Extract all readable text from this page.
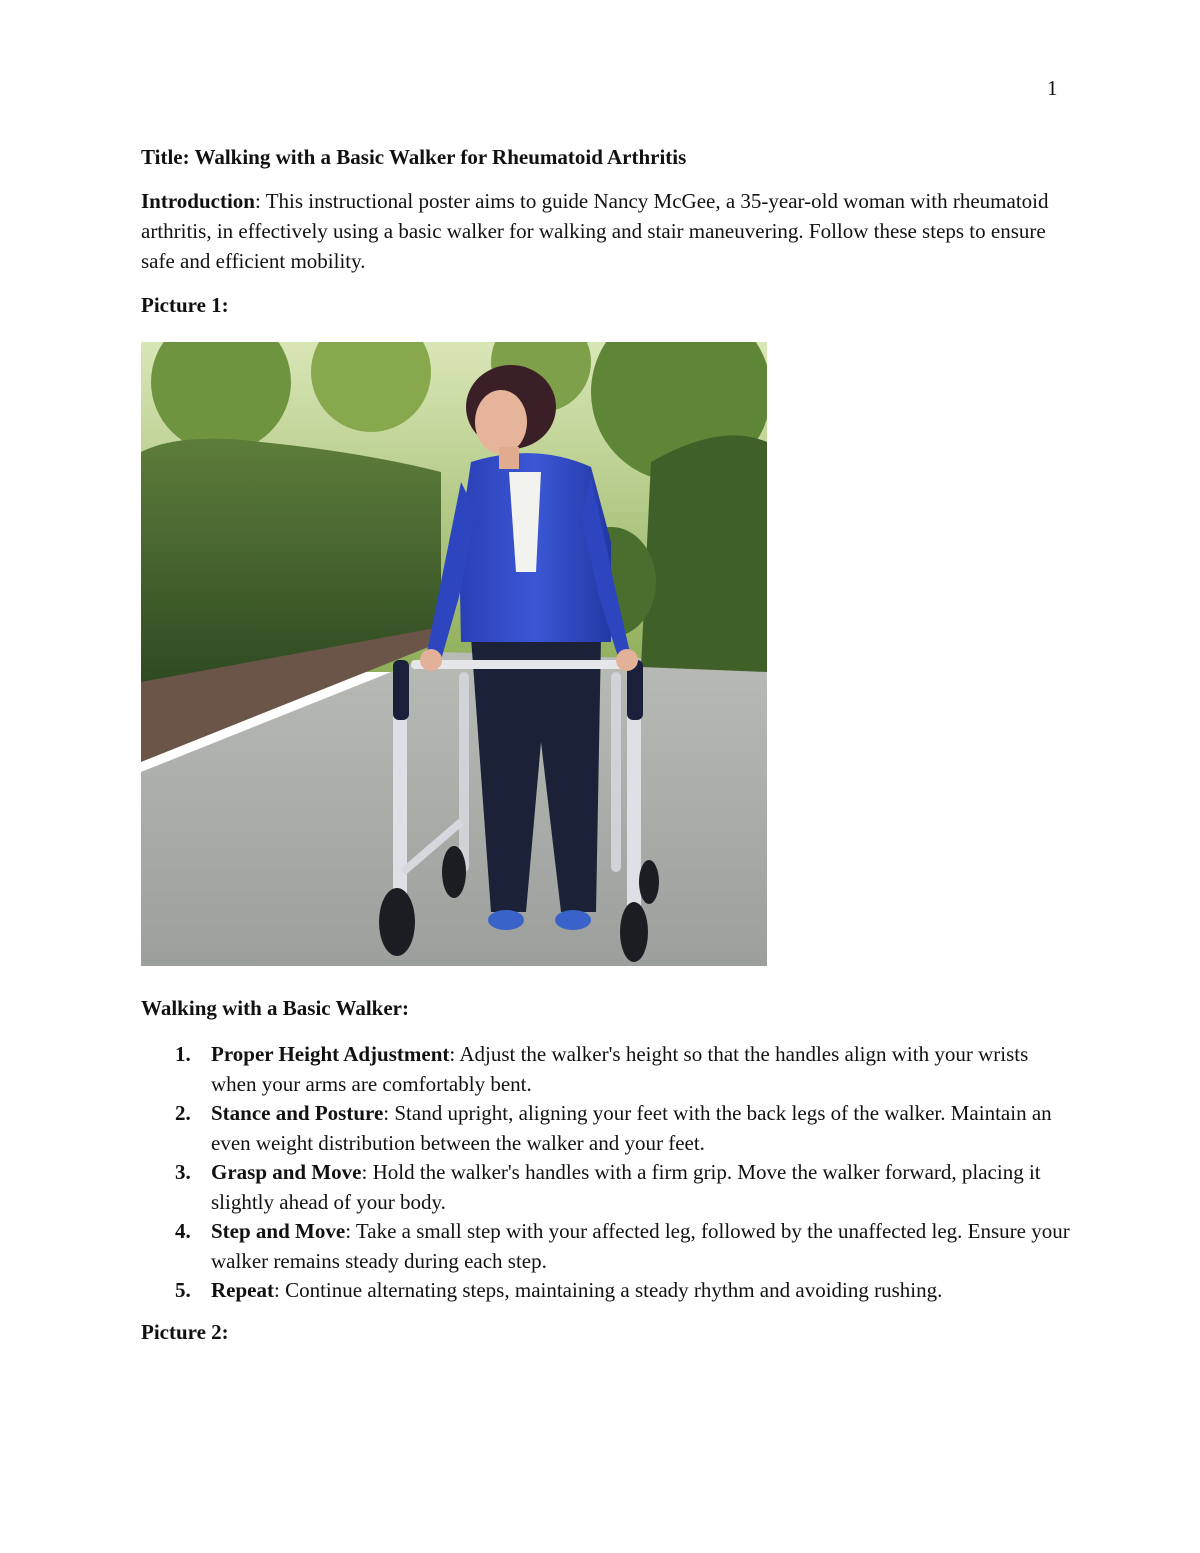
1

Title: Walking with a Basic Walker for Rheumatoid Arthritis

Introduction: This instructional poster aims to guide Nancy McGee, a 35-year-old woman with rheumatoid arthritis, in effectively using a basic walker for walking and stair maneuvering. Follow these steps to ensure safe and efficient mobility.

Picture 1:

Walking with a Basic Walker:

1. Proper Height Adjustment: Adjust the walker's height so that the handles align with your wrists when your arms are comfortably bent.
2. Stance and Posture: Stand upright, aligning your feet with the back legs of the walker. Maintain an even weight distribution between the walker and your feet.
3. Grasp and Move: Hold the walker's handles with a firm grip. Move the walker forward, placing it slightly ahead of your body.
4. Step and Move: Take a small step with your affected leg, followed by the unaffected leg. Ensure your walker remains steady during each step.
5. Repeat: Continue alternating steps, maintaining a steady rhythm and avoiding rushing.

Picture 2:
